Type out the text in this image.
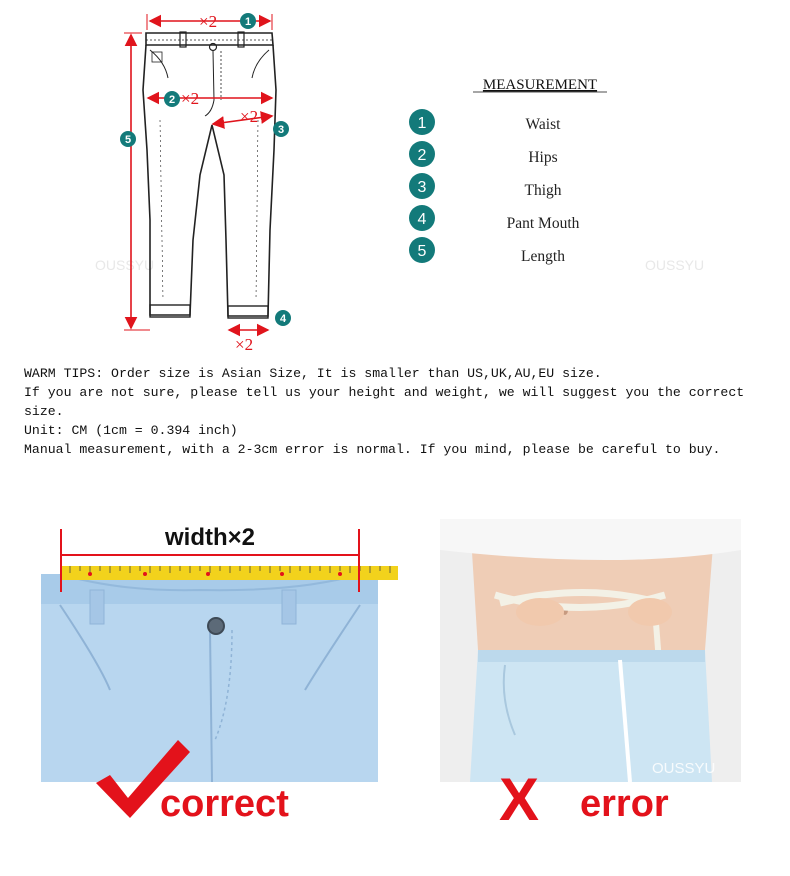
OUSSYU	OUSSYU
×2
×2
×2
×2
1
2
3
4
5
MEASUREMENT
1
2
3
4
5
Waist
Hips
Thigh
Pant Mouth
Length
WARM TIPS: Order size is Asian Size, It is smaller than US,UK,AU,EU size.
If you are not sure, please tell us your height and weight, we will suggest you the correct size.
Unit: CM (1cm = 0.394 inch)
Manual measurement, with a 2-3cm error is normal. If you mind, please be careful to buy.
width×2
correct
OUSSYU
X error
